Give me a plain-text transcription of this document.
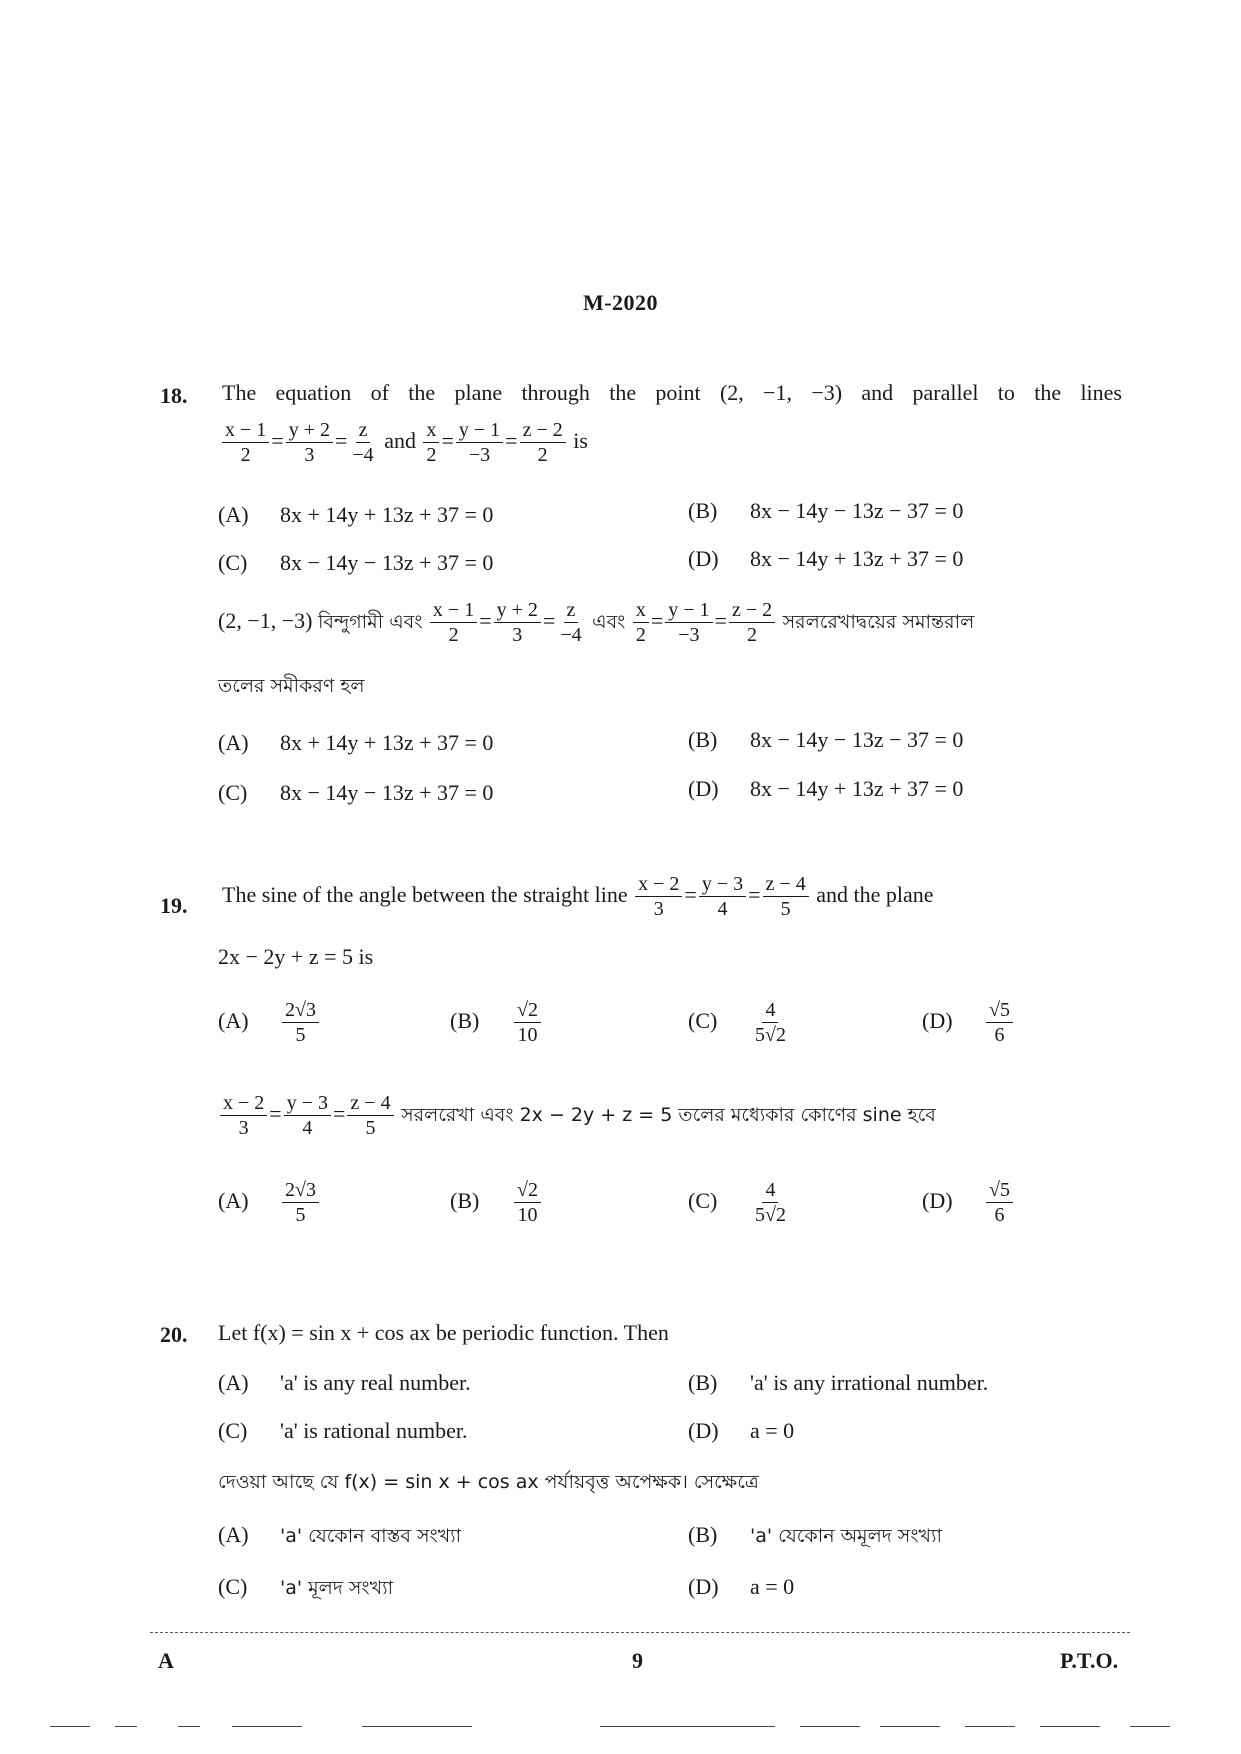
M-2020
18. The equation of the plane through the point (2, −1, −3) and parallel to the lines
$\frac{x - 1}{2} = \frac{y + 2}{3} = \frac{z}{-4}$ and $\frac{x}{2} = \frac{y - 1}{-3} = \frac{z - 2}{2}$ is
(A) 8x + 14y + 13z + 37 = 0	(B) 8x − 14y − 13z − 37 = 0
(C) 8x − 14y − 13z + 37 = 0	(D) 8x − 14y + 13z + 37 = 0
(2, −1, −3) বিন্দুগামী এবং $\frac{x - 1}{2} = \frac{y + 2}{3} = \frac{z}{-4}$ এবং $\frac{x}{2} = \frac{y - 1}{-3} = \frac{z - 2}{2}$ সরলরেখাদ্বয়ের সমান্তরাল
তলের সমীকরণ হল
(A) 8x + 14y + 13z + 37 = 0	(B) 8x − 14y − 13z − 37 = 0
(C) 8x − 14y − 13z + 37 = 0	(D) 8x − 14y + 13z + 37 = 0
19. The sine of the angle between the straight line $\frac{x - 2}{3} = \frac{y - 3}{4} = \frac{z - 4}{5}$ and the plane
2x − 2y + z = 5 is
$(A) \frac{2√3}{5}$	$(B) \frac{√2}{10}$	$(C) \frac{4}{5√2}$	$(D) \frac{√5}{6}$
$\frac{x - 2}{3} = \frac{y - 3}{4} = \frac{z - 4}{5}$ সরলরেখা এবং 2x − 2y + z = 5 তলের মধ্যেকার কোণের sine হবে
$(A) \frac{2√3}{5}$	$(B) \frac{√2}{10}$	$(C) \frac{4}{5√2}$	$(D) \frac{√5}{6}$
20. Let f(x) = sin x + cos ax be periodic function. Then
(A) 'a' is any real number.	(B) 'a' is any irrational number.
(C) 'a' is rational number.	(D) a = 0
দেওয়া আছে যে f(x) = sin x + cos ax পর্যায়বৃত্ত অপেক্ষক। সেক্ষেত্রে
(A) 'a' যেকোন বাস্তব সংখ্যা	(B) 'a' যেকোন অমূলদ সংখ্যা
(C) 'a' মূলদ সংখ্যা	(D) a = 0
A	9	P.T.O.
